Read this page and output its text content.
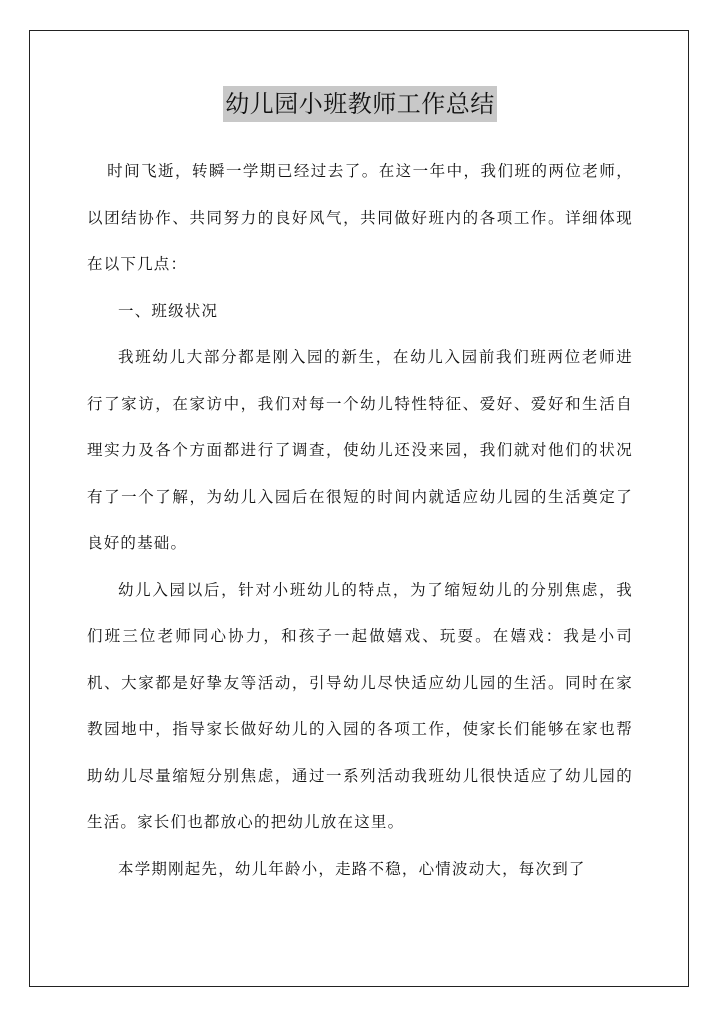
幼儿园小班教师工作总结

时间飞逝，转瞬一学期已经过去了。在这一年中，我们班的两位老师，以团结协作、共同努力的良好风气，共同做好班内的各项工作。详细体现在以下几点：

一、班级状况

我班幼儿大部分都是刚入园的新生，在幼儿入园前我们班两位老师进行了家访，在家访中，我们对每一个幼儿特性特征、爱好、爱好和生活自理实力及各个方面都进行了调查，使幼儿还没来园，我们就对他们的状况有了一个了解，为幼儿入园后在很短的时间内就适应幼儿园的生活奠定了良好的基础。

幼儿入园以后，针对小班幼儿的特点，为了缩短幼儿的分别焦虑，我们班三位老师同心协力，和孩子一起做嬉戏、玩耍。在嬉戏：我是小司机、大家都是好挚友等活动，引导幼儿尽快适应幼儿园的生活。同时在家教园地中，指导家长做好幼儿的入园的各项工作，使家长们能够在家也帮助幼儿尽量缩短分别焦虑，通过一系列活动我班幼儿很快适应了幼儿园的生活。家长们也都放心的把幼儿放在这里。

本学期刚起先，幼儿年龄小，走路不稳，心情波动大，每次到了
